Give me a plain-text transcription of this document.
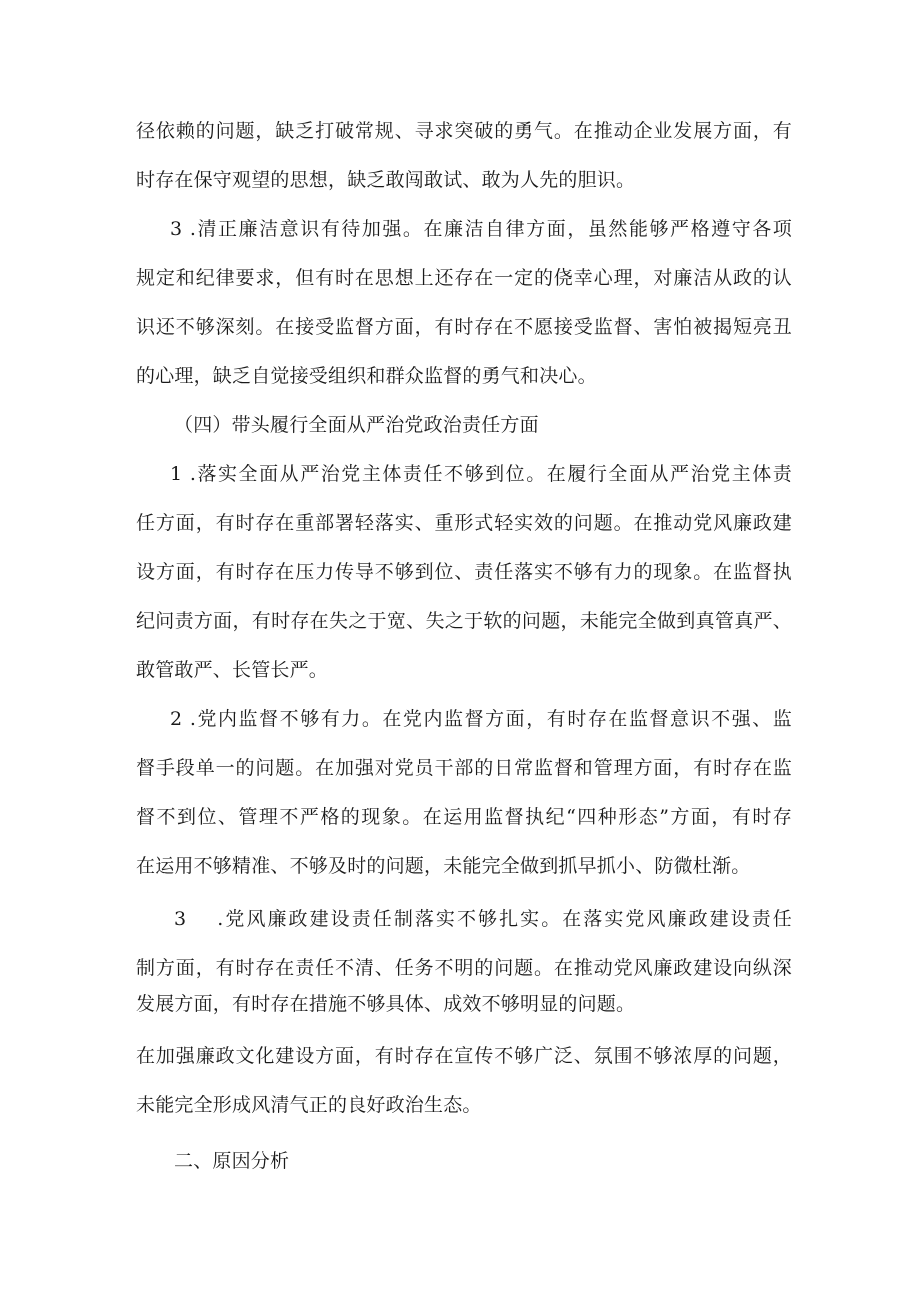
径依赖的问题，缺乏打破常规、寻求突破的勇气。在推动企业发展方面，有
时存在保守观望的思想，缺乏敢闯敢试、敢为人先的胆识。
3 .清正廉洁意识有待加强。在廉洁自律方面，虽然能够严格遵守各项
规定和纪律要求，但有时在思想上还存在一定的侥幸心理，对廉洁从政的认
识还不够深刻。在接受监督方面，有时存在不愿接受监督、害怕被揭短亮丑
的心理，缺乏自觉接受组织和群众监督的勇气和决心。
（四）带头履行全面从严治党政治责任方面
1 .落实全面从严治党主体责任不够到位。在履行全面从严治党主体责
任方面，有时存在重部署轻落实、重形式轻实效的问题。在推动党风廉政建
设方面，有时存在压力传导不够到位、责任落实不够有力的现象。在监督执
纪问责方面，有时存在失之于宽、失之于软的问题，未能完全做到真管真严、
敢管敢严、长管长严。
2 .党内监督不够有力。在党内监督方面，有时存在监督意识不强、监
督手段单一的问题。在加强对党员干部的日常监督和管理方面，有时存在监
督不到位、管理不严格的现象。在运用监督执纪“四种形态”方面，有时存
在运用不够精准、不够及时的问题，未能完全做到抓早抓小、防微杜渐。
3　 .党风廉政建设责任制落实不够扎实。在落实党风廉政建设责任
制方面，有时存在责任不清、任务不明的问题。在推动党风廉政建设向纵深
发展方面，有时存在措施不够具体、成效不够明显的问题。
在加强廉政文化建设方面，有时存在宣传不够广泛、氛围不够浓厚的问题，
未能完全形成风清气正的良好政治生态。
二、原因分析
